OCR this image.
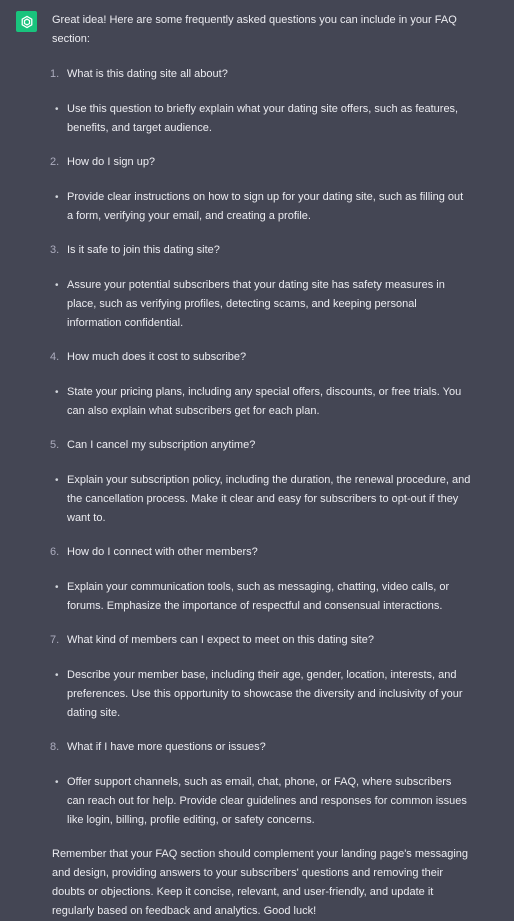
Great idea! Here are some frequently asked questions you can include in your FAQ section:

1. What is this dating site all about?
• Use this question to briefly explain what your dating site offers, such as features, benefits, and target audience.
2. How do I sign up?
• Provide clear instructions on how to sign up for your dating site, such as filling out a form, verifying your email, and creating a profile.
3. Is it safe to join this dating site?
• Assure your potential subscribers that your dating site has safety measures in place, such as verifying profiles, detecting scams, and keeping personal information confidential.
4. How much does it cost to subscribe?
• State your pricing plans, including any special offers, discounts, or free trials. You can also explain what subscribers get for each plan.
5. Can I cancel my subscription anytime?
• Explain your subscription policy, including the duration, the renewal procedure, and the cancellation process. Make it clear and easy for subscribers to opt-out if they want to.
6. How do I connect with other members?
• Explain your communication tools, such as messaging, chatting, video calls, or forums. Emphasize the importance of respectful and consensual interactions.
7. What kind of members can I expect to meet on this dating site?
• Describe your member base, including their age, gender, location, interests, and preferences. Use this opportunity to showcase the diversity and inclusivity of your dating site.
8. What if I have more questions or issues?
• Offer support channels, such as email, chat, phone, or FAQ, where subscribers can reach out for help. Provide clear guidelines and responses for common issues like login, billing, profile editing, or safety concerns.

Remember that your FAQ section should complement your landing page's messaging and design, providing answers to your subscribers' questions and removing their doubts or objections. Keep it concise, relevant, and user-friendly, and update it regularly based on feedback and analytics. Good luck!
